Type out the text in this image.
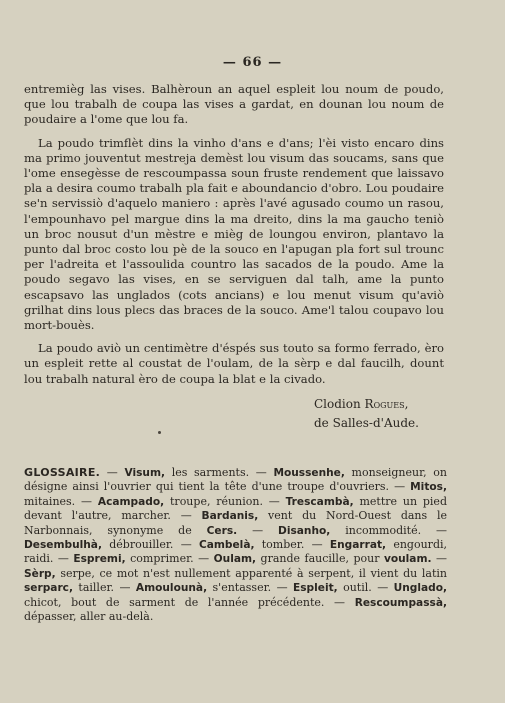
— 66 —

entremièg las vises. Balhèroun an aquel espleit lou noum de poudo, que lou trabalh de coupa las vises a gardat, en dounan lou noum de poudaire a l'ome que lou fa.

La poudo trimflèt dins la vinho d'ans e d'ans; l'èi visto encaro dins ma primo jouventut mestreja demèst lou visum das soucams, sans que l'ome ensegèsse de rescoumpassa soun fruste rendement que laissavo pla a desira coumo trabalh pla fait e aboundancio d'obro. Lou poudaire se'n servissiò d'aquelo maniero : après l'avé agusado coumo un rasou, l'empounhavo pel margue dins la ma dreito, dins la ma gaucho teniò un broc nousut d'un mèstre e mièg de loungou environ, plantavo la punto dal broc costo lou pè de la souco en l'apugan pla fort sul trounc per l'adreita et l'assoulida countro las sacados de la poudo. Ame la poudo segavo las vises, en se serviguen dal talh, ame la punto escapsavo las unglados (cots ancians) e lou menut visum qu'aviò grilhat dins lous plecs das braces de la souco. Ame'l talou coupavo lou mort-bouès.

La poudo aviò un centimètre d'éspés sus touto sa formo ferrado, èro un espleit rette al coustat de l'oulam, de la sèrp e dal faucilh, dount lou trabalh natural èro de coupa la blat e la civado.

Clodion Rogues,
de Salles-d'Aude.

GLOSSAIRE. — Visum, les sarments. — Moussenhe, monseigneur, on désigne ainsi l'ouvrier qui tient la tête d'une troupe d'ouvriers. — Mitos, mitaines. — Acampado, troupe, réunion. — Trescambà, mettre un pied devant l'autre, marcher. — Bardanis, vent du Nord-Ouest dans le Narbonnais, synonyme de Cers. — Disanho, incommodité. — Desembulhà, débrouiller. — Cambelà, tomber. — Engarrat, engourdi, raidi. — Espremi, comprimer. — Oulam, grande faucille, pour voulam. — Sèrp, serpe, ce mot n'est nullement apparenté à serpent, il vient du latin serparc, tailler. — Amoulounà, s'entasser. — Espleit, outil. — Unglado, chicot, bout de sarment de l'année précédente. — Rescoumpassà, dépasser, aller au-delà.
